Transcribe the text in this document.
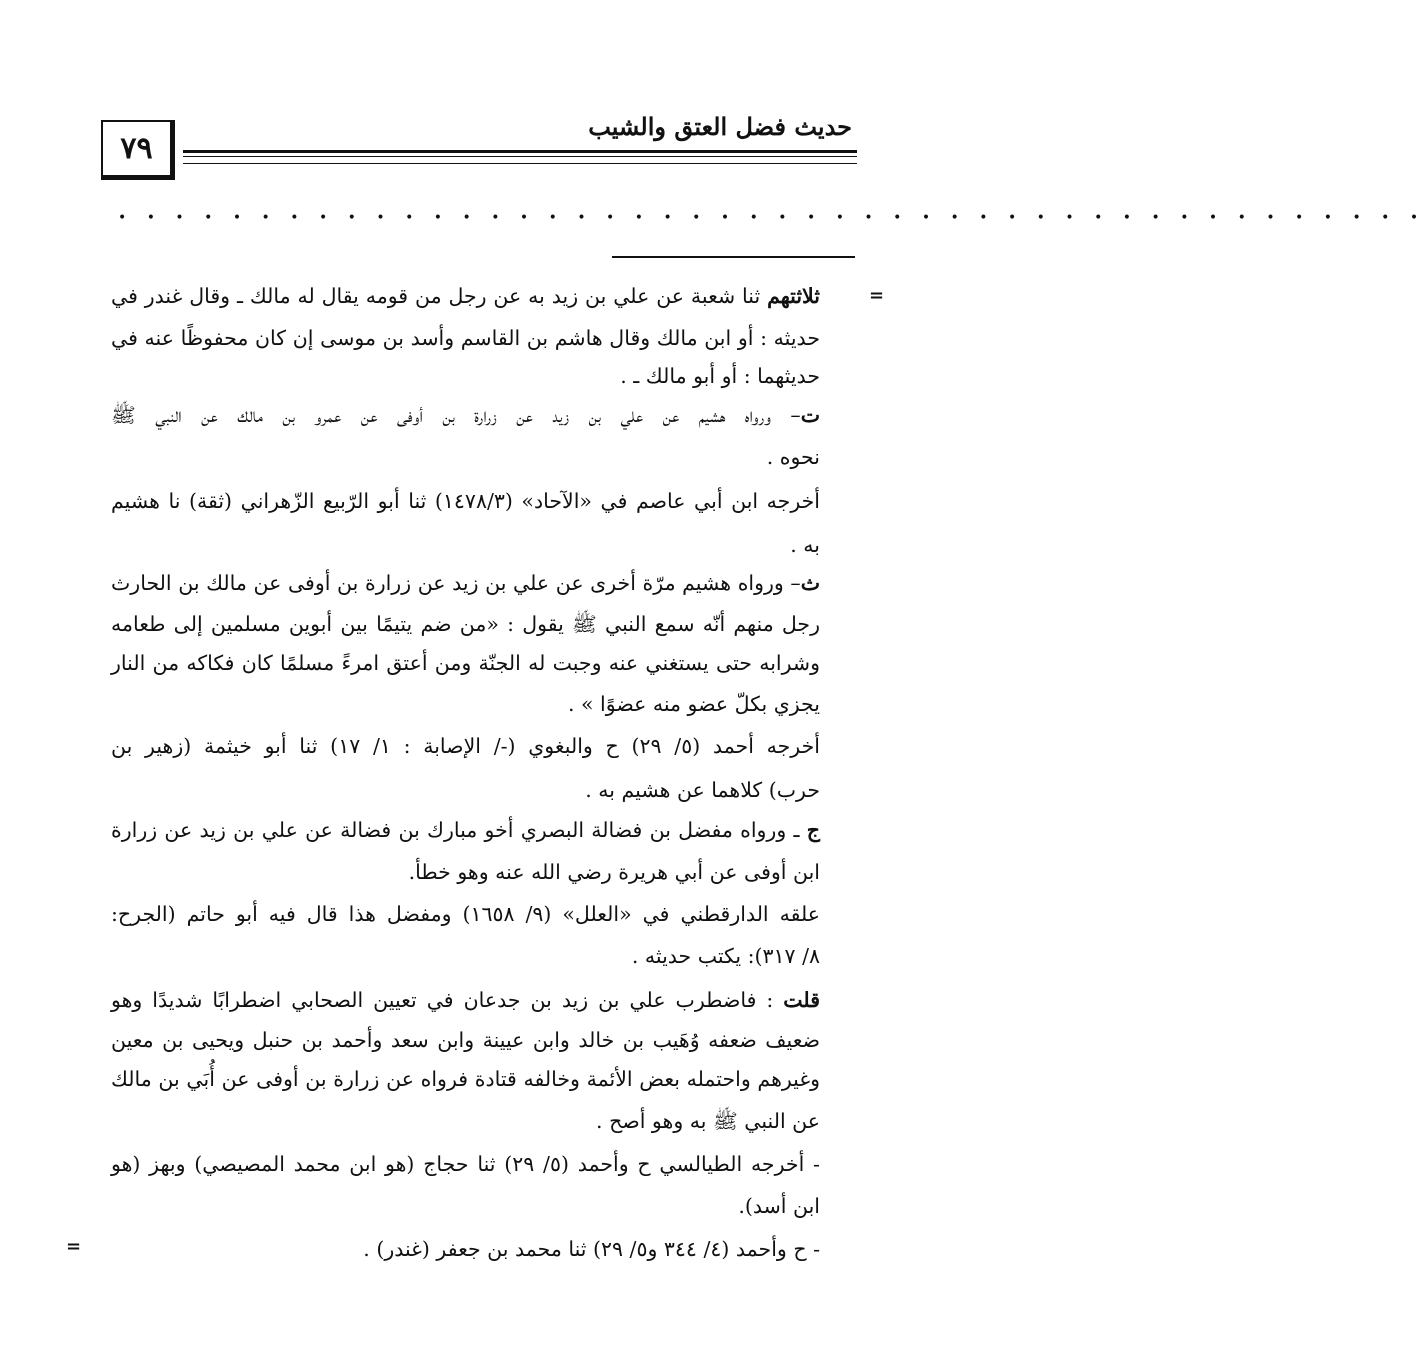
٧٩
حديث فضل العتق والشيب
• • • • • • • • • • • • • • • • • • • • • • • • • • • • • • • • • • • • • • • • • • • • • •
=
=
ثلاثتهم ثنا شعبة عن علي بن زيد به عن رجل من قومه يقال له مالك ـ وقال غندر في
حديثه : أو ابن مالك وقال هاشم بن القاسم وأسد بن موسى إن كان محفوظًا عنه في
حديثهما : أو أبو مالك ـ .
ت– ورواه هشيم عن علي بن زيد عن زرارة بن أوفى عن عمرو بن مالك عن النبي ﷺ
نحوه .
أخرجه ابن أبي عاصم في «الآحاد» (١٤٧٨/٣) ثنا أبو الرّبيع الزّهراني (ثقة) نا هشيم
به .
ث– ورواه هشيم مرّة أخرى عن علي بن زيد عن زرارة بن أوفى عن مالك بن الحارث
رجل منهم أنّه سمع النبي ﷺ يقول : «من ضم يتيمًا بين أبوين مسلمين إلى طعامه
وشرابه حتى يستغني عنه وجبت له الجنّة ومن أعتق امرءً مسلمًا كان فكاكه من النار
يجزي بكلّ عضو منه عضوًا » .
أخرجه أحمد (٥/ ٢٩) ح والبغوي (-/ الإصابة : ١/ ١٧) ثنا أبو خيثمة (زهير بن
حرب) كلاهما عن هشيم به .
ج ـ ورواه مفضل بن فضالة البصري أخو مبارك بن فضالة عن علي بن زيد عن زرارة
ابن أوفى عن أبي هريرة رضي الله عنه وهو خطأ.
علقه الدارقطني في «العلل» (٩/ ١٦٥٨) ومفضل هذا قال فيه أبو حاتم (الجرح:
٨/ ٣١٧): يكتب حديثه .
قلت : فاضطرب علي بن زيد بن جدعان في تعيين الصحابي اضطرابًا شديدًا وهو
ضعيف ضعفه وُهَيب بن خالد وابن عيينة وابن سعد وأحمد بن حنبل ويحيى بن معين
وغيرهم واحتمله بعض الأئمة وخالفه قتادة فرواه عن زرارة بن أوفى عن أُبَي بن مالك
عن النبي ﷺ به وهو أصح .
- أخرجه الطيالسي ح وأحمد (٥/ ٢٩) ثنا حجاج (هو ابن محمد المصيصي) وبهز (هو
ابن أسد).
- ح وأحمد (٤/ ٣٤٤ و٥/ ٢٩) ثنا محمد بن جعفر (غندر) .
